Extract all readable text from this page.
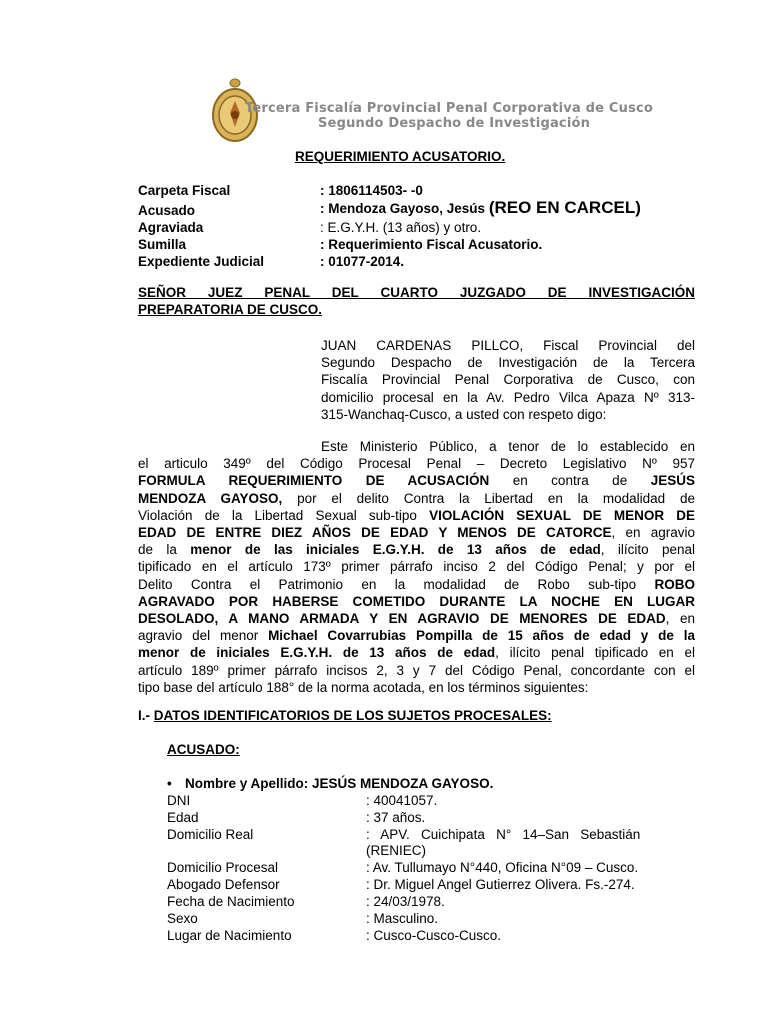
Tercera Fiscalía Provincial Penal Corporativa de Cusco
Segundo Despacho de Investigación
REQUERIMIENTO ACUSATORIO.
Carpeta Fiscal	: 1806114503- -0
Acusado	: Mendoza Gayoso, Jesús (REO EN CARCEL)
Agraviada	: E.G.Y.H. (13 años) y otro.
Sumilla	: Requerimiento Fiscal Acusatorio.
Expediente Judicial	: 01077-2014.
SEÑOR JUEZ PENAL DEL CUARTO JUZGADO DE INVESTIGACIÓN
PREPARATORIA DE CUSCO.
JUAN CARDENAS PILLCO, Fiscal Provincial del
Segundo Despacho de Investigación de la Tercera
Fiscalía Provincial Penal Corporativa de Cusco, con
domicilio procesal en la Av. Pedro Vilca Apaza Nº 313-
315-Wanchaq-Cusco, a usted con respeto digo:
Este Ministerio Público, a tenor de lo establecido en
el articulo 349º del Código Procesal Penal – Decreto Legislativo Nº 957
FORMULA REQUERIMIENTO DE ACUSACIÓN en contra de JESÚS
MENDOZA GAYOSO, por el delito Contra la Libertad en la modalidad de
Violación de la Libertad Sexual sub-tipo VIOLACIÓN SEXUAL DE MENOR DE
EDAD DE ENTRE DIEZ AÑOS DE EDAD Y MENOS DE CATORCE, en agravio
de la menor de las iniciales E.G.Y.H. de 13 años de edad, ilícito penal
tipificado en el artículo 173º primer párrafo inciso 2 del Código Penal; y por el
Delito Contra el Patrimonio en la modalidad de Robo sub-tipo ROBO
AGRAVADO POR HABERSE COMETIDO DURANTE LA NOCHE EN LUGAR
DESOLADO, A MANO ARMADA Y EN AGRAVIO DE MENORES DE EDAD, en
agravio del menor Michael Covarrubias Pompilla de 15 años de edad y de la
menor de iniciales E.G.Y.H. de 13 años de edad, ilícito penal tipificado en el
artículo 189º primer párrafo incisos 2, 3 y 7 del Código Penal, concordante con el
tipo base del artículo 188° de la norma acotada, en los términos siguientes:
I.- DATOS IDENTIFICATORIOS DE LOS SUJETOS PROCESALES:
ACUSADO:
• Nombre y Apellido: JESÚS MENDOZA GAYOSO.
DNI	: 40041057.
Edad	: 37 años.
Domicilio Real	:   APV.   Cuichipata   N°   14–San   Sebastián
(RENIEC)
Domicilio Procesal	: Av. Tullumayo N°440, Oficina N°09 – Cusco.
Abogado Defensor	: Dr. Miguel Angel Gutierrez Olivera. Fs.-274.
Fecha de Nacimiento	: 24/03/1978.
Sexo	: Masculino.
Lugar de Nacimiento	: Cusco-Cusco-Cusco.
